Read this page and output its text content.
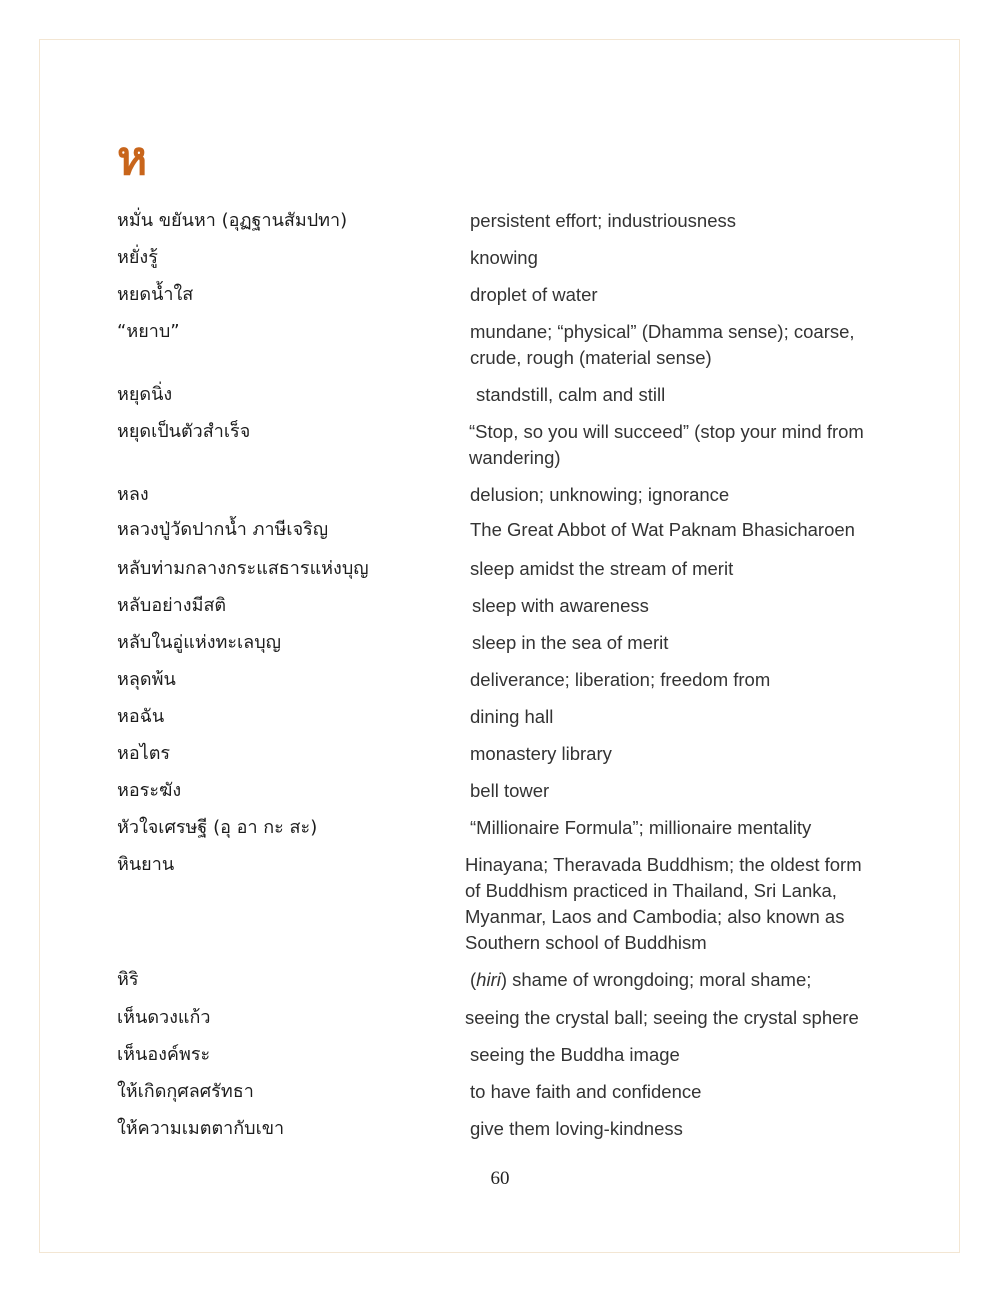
ห
หมั่น ขยันหา (อุฏฐานสัมปทา)	persistent effort; industriousness
หยั่งรู้	knowing
หยดน้ำใส	droplet of water
“หยาบ”	mundane; “physical” (Dhamma sense); coarse, crude, rough (material sense)
หยุดนิ่ง	standstill, calm and still
หยุดเป็นตัวสำเร็จ	“Stop, so you will succeed” (stop your mind from wandering)
หลง	delusion; unknowing; ignorance
หลวงปู่วัดปากน้ำ ภาษีเจริญ	The Great Abbot of Wat Paknam Bhasicharoen
หลับท่ามกลางกระแสธารแห่งบุญ	sleep amidst the stream of merit
หลับอย่างมีสติ	sleep with awareness
หลับในอู่แห่งทะเลบุญ	sleep in the sea of merit
หลุดพ้น	deliverance; liberation; freedom from
หอฉัน	dining hall
หอไตร	monastery library
หอระฆัง	bell tower
หัวใจเศรษฐี (อุ อา กะ สะ)	“Millionaire Formula”; millionaire mentality
หินยาน	Hinayana; Theravada Buddhism; the oldest form of Buddhism practiced in Thailand, Sri Lanka, Myanmar, Laos and Cambodia; also known as Southern school of Buddhism
หิริ	(hiri) shame of wrongdoing; moral shame;
เห็นดวงแก้ว	seeing the crystal ball; seeing the crystal sphere
เห็นองค์พระ	seeing the Buddha image
ให้เกิดกุศลศรัทธา	to have faith and confidence
ให้ความเมตตากับเขา	give them loving-kindness
60
